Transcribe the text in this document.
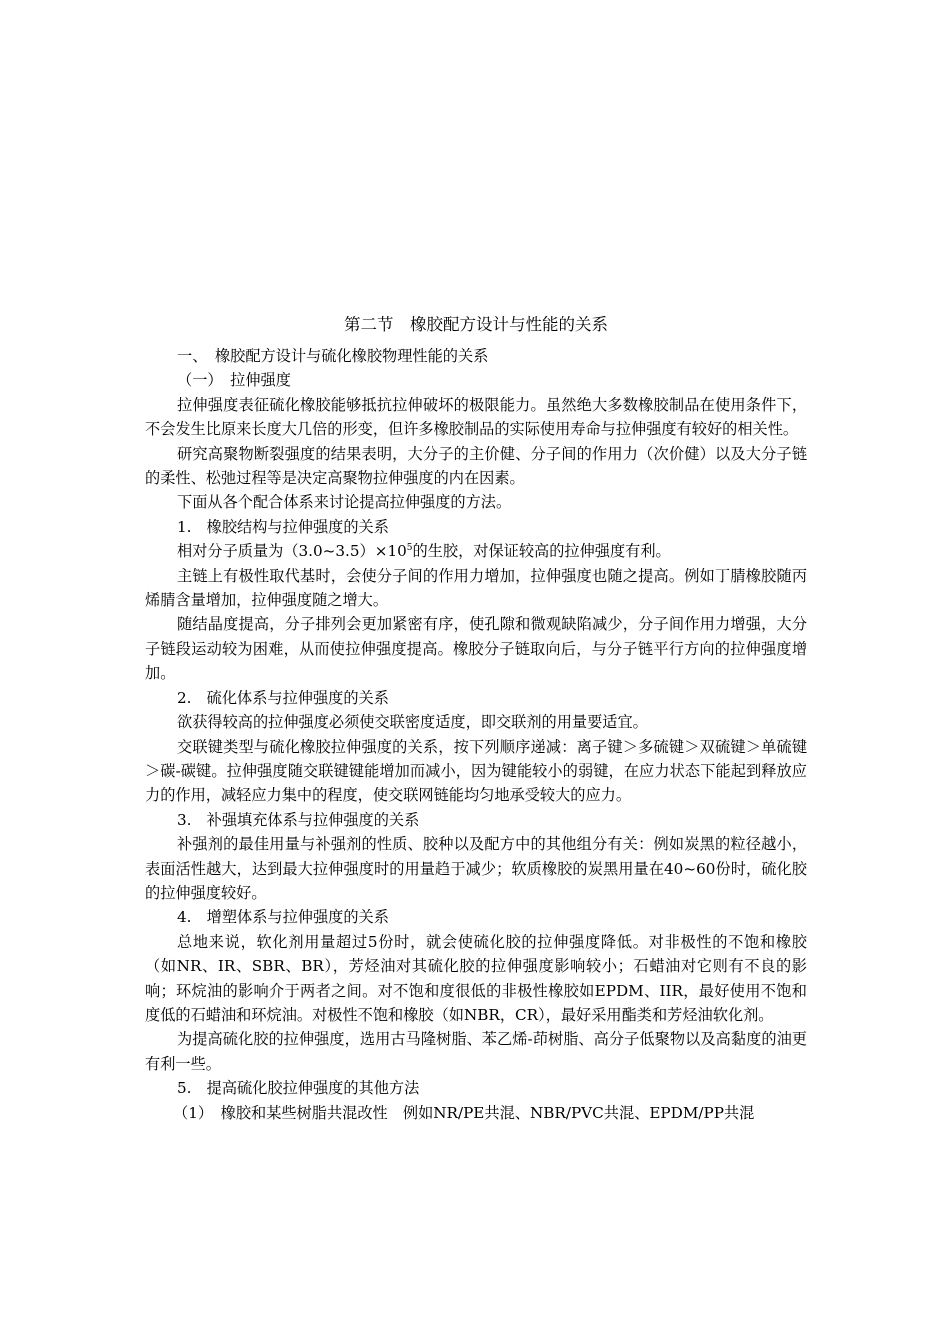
第二节　橡胶配方设计与性能的关系
一、　橡胶配方设计与硫化橡胶物理性能的关系
（一）　拉伸强度
拉伸强度表征硫化橡胶能够抵抗拉伸破坏的极限能力。虽然绝大多数橡胶制品在使用条件下，不会发生比原来长度大几倍的形变，但许多橡胶制品的实际使用寿命与拉伸强度有较好的相关性。
研究高聚物断裂强度的结果表明，大分子的主价健、分子间的作用力（次价健）以及大分子链的柔性、松弛过程等是决定高聚物拉伸强度的内在因素。
下面从各个配合体系来讨论提高拉伸强度的方法。
1.　橡胶结构与拉伸强度的关系
相对分子质量为$(3.0\sim 3.5)\times 10^5$的生胶，对保证较高的拉伸强度有利。
主链上有极性取代基时，会使分子间的作用力增加，拉伸强度也随之提高。例如丁腈橡胶随丙烯腈含量增加，拉伸强度随之增大。
随结晶度提高，分子排列会更加紧密有序，使孔隙和微观缺陷减少，分子间作用力增强，大分子链段运动较为困难，从而使拉伸强度提高。橡胶分子链取向后，与分子链平行方向的拉伸强度增加。
2.　硫化体系与拉伸强度的关系
欲获得较高的拉伸强度必须使交联密度适度，即交联剂的用量要适宜。
交联键类型与硫化橡胶拉伸强度的关系，按下列顺序递减：离子键＞多硫键＞双硫键＞单硫键＞碳-碳键。拉伸强度随交联键键能增加而减小，因为键能较小的弱键，在应力状态下能起到释放应力的作用，减轻应力集中的程度，使交联网链能均匀地承受较大的应力。
3.　补强填充体系与拉伸强度的关系
补强剂的最佳用量与补强剂的性质、胶种以及配方中的其他组分有关：例如炭黑的粒径越小，表面活性越大，达到最大拉伸强度时的用量趋于减少；软质橡胶的炭黑用量在40~60份时，硫化胶的拉伸强度较好。
4.　增塑体系与拉伸强度的关系
总地来说，软化剂用量超过5份时，就会使硫化胶的拉伸强度降低。对非极性的不饱和橡胶（如NR、IR、SBR、BR），芳烃油对其硫化胶的拉伸强度影响较小；石蜡油对它则有不良的影响；环烷油的影响介于两者之间。对不饱和度很低的非极性橡胶如EPDM、IIR，最好使用不饱和度低的石蜡油和环烷油。对极性不饱和橡胶（如NBR，CR），最好采用酯类和芳烃油软化剂。
为提高硫化胶的拉伸强度，选用古马隆树脂、苯乙烯-茚树脂、高分子低聚物以及高黏度的油更有利一些。
5.　提高硫化胶拉伸强度的其他方法
（1）　橡胶和某些树脂共混改性　例如NR/PE共混、NBR/PVC共混、EPDM/PP共混
